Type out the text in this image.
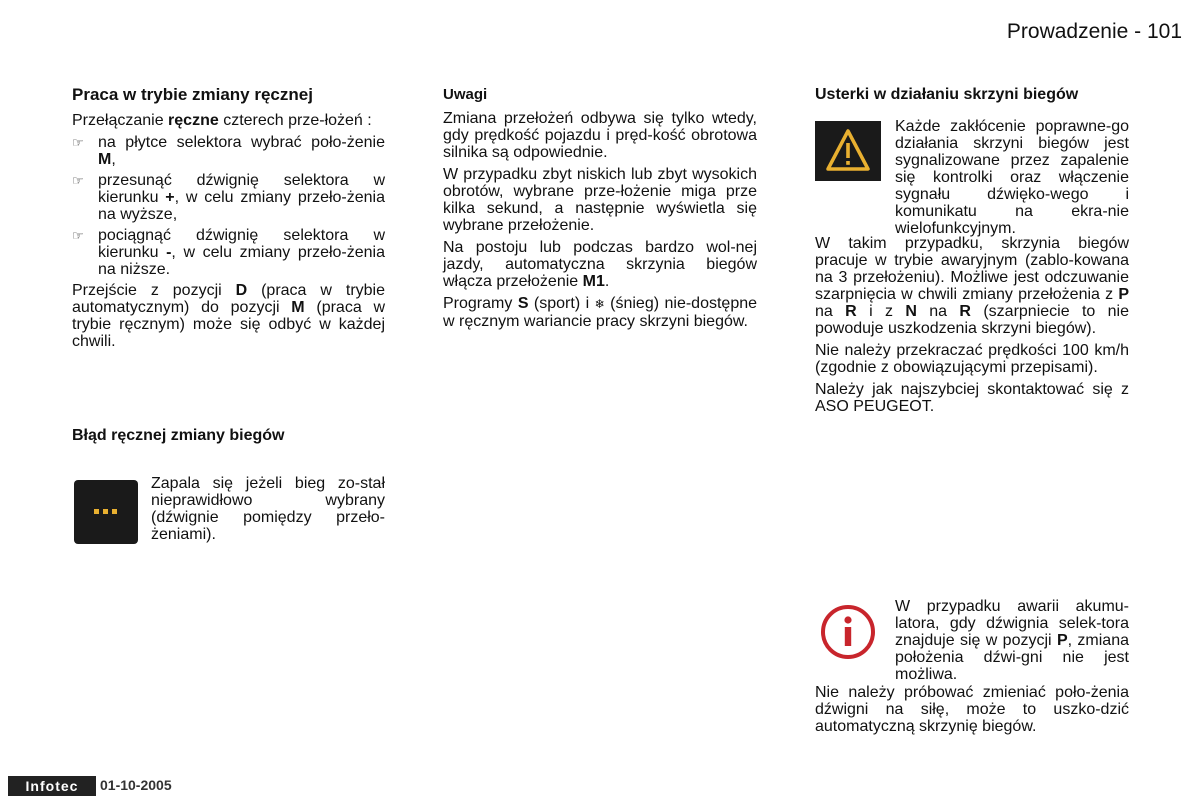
Prowadzenie - 101

Praca w trybie zmiany ręcznej

Przełączanie ręczne czterech prze-łożeń :

☞ na płytce selektora wybrać poło-żenie M,
☞ przesunąć dźwignię selektora w kierunku +, w celu zmiany przeło-żenia na wyższe,
☞ pociągnąć dźwignię selektora w kierunku -, w celu zmiany przeło-żenia na niższe.

Przejście z pozycji D (praca w trybie automatycznym) do pozycji M (praca w trybie ręcznym) może się odbyć w każdej chwili.

Błąd ręcznej zmiany biegów
Zapala się jeżeli bieg zo-stał nieprawidłowo wybrany (dźwignie pomiędzy przeło-żeniami).

Uwagi

Zmiana przełożeń odbywa się tylko wtedy, gdy prędkość pojazdu i pręd-kość obrotowa silnika są odpowiednie.

W przypadku zbyt niskich lub zbyt wysokich obrotów, wybrane prze-łożenie miga prze kilka sekund, a następnie wyświetla się wybrane przełożenie.

Na postoju lub podczas bardzo wol-nej jazdy, automatyczna skrzynia biegów włącza przełożenie M1.

Programy S (sport) i ❄ (śnieg) nie-dostępne w ręcznym wariancie pracy skrzyni biegów.

Usterki w działaniu skrzyni biegów
Każde zakłócenie poprawne-go działania skrzyni biegów jest sygnalizowane przez zapalenie się kontrolki oraz włączenie sygnału dźwięko-wego i komunikatu na ekra-nie wielofunkcyjnym.

W takim przypadku, skrzynia biegów pracuje w trybie awaryjnym (zablo-kowana na 3 przełożeniu). Możliwe jest odczuwanie szarpnięcia w chwili zmiany przełożenia z P na R i z N na R (szarpniecie to nie powoduje uszkodzenia skrzyni biegów).

Nie należy przekraczać prędkości 100 km/h (zgodnie z obowiązującymi przepisami).

Należy jak najszybciej skontaktować się z ASO PEUGEOT.

W przypadku awarii akumu-latora, gdy dźwignia selek-tora znajduje się w pozycji P, zmiana położenia dźwi-gni nie jest możliwa.
Nie należy próbować zmieniać poło-żenia dźwigni na siłę, może to uszko-dzić automatyczną skrzynię biegów.
Infotec	01-10-2005
